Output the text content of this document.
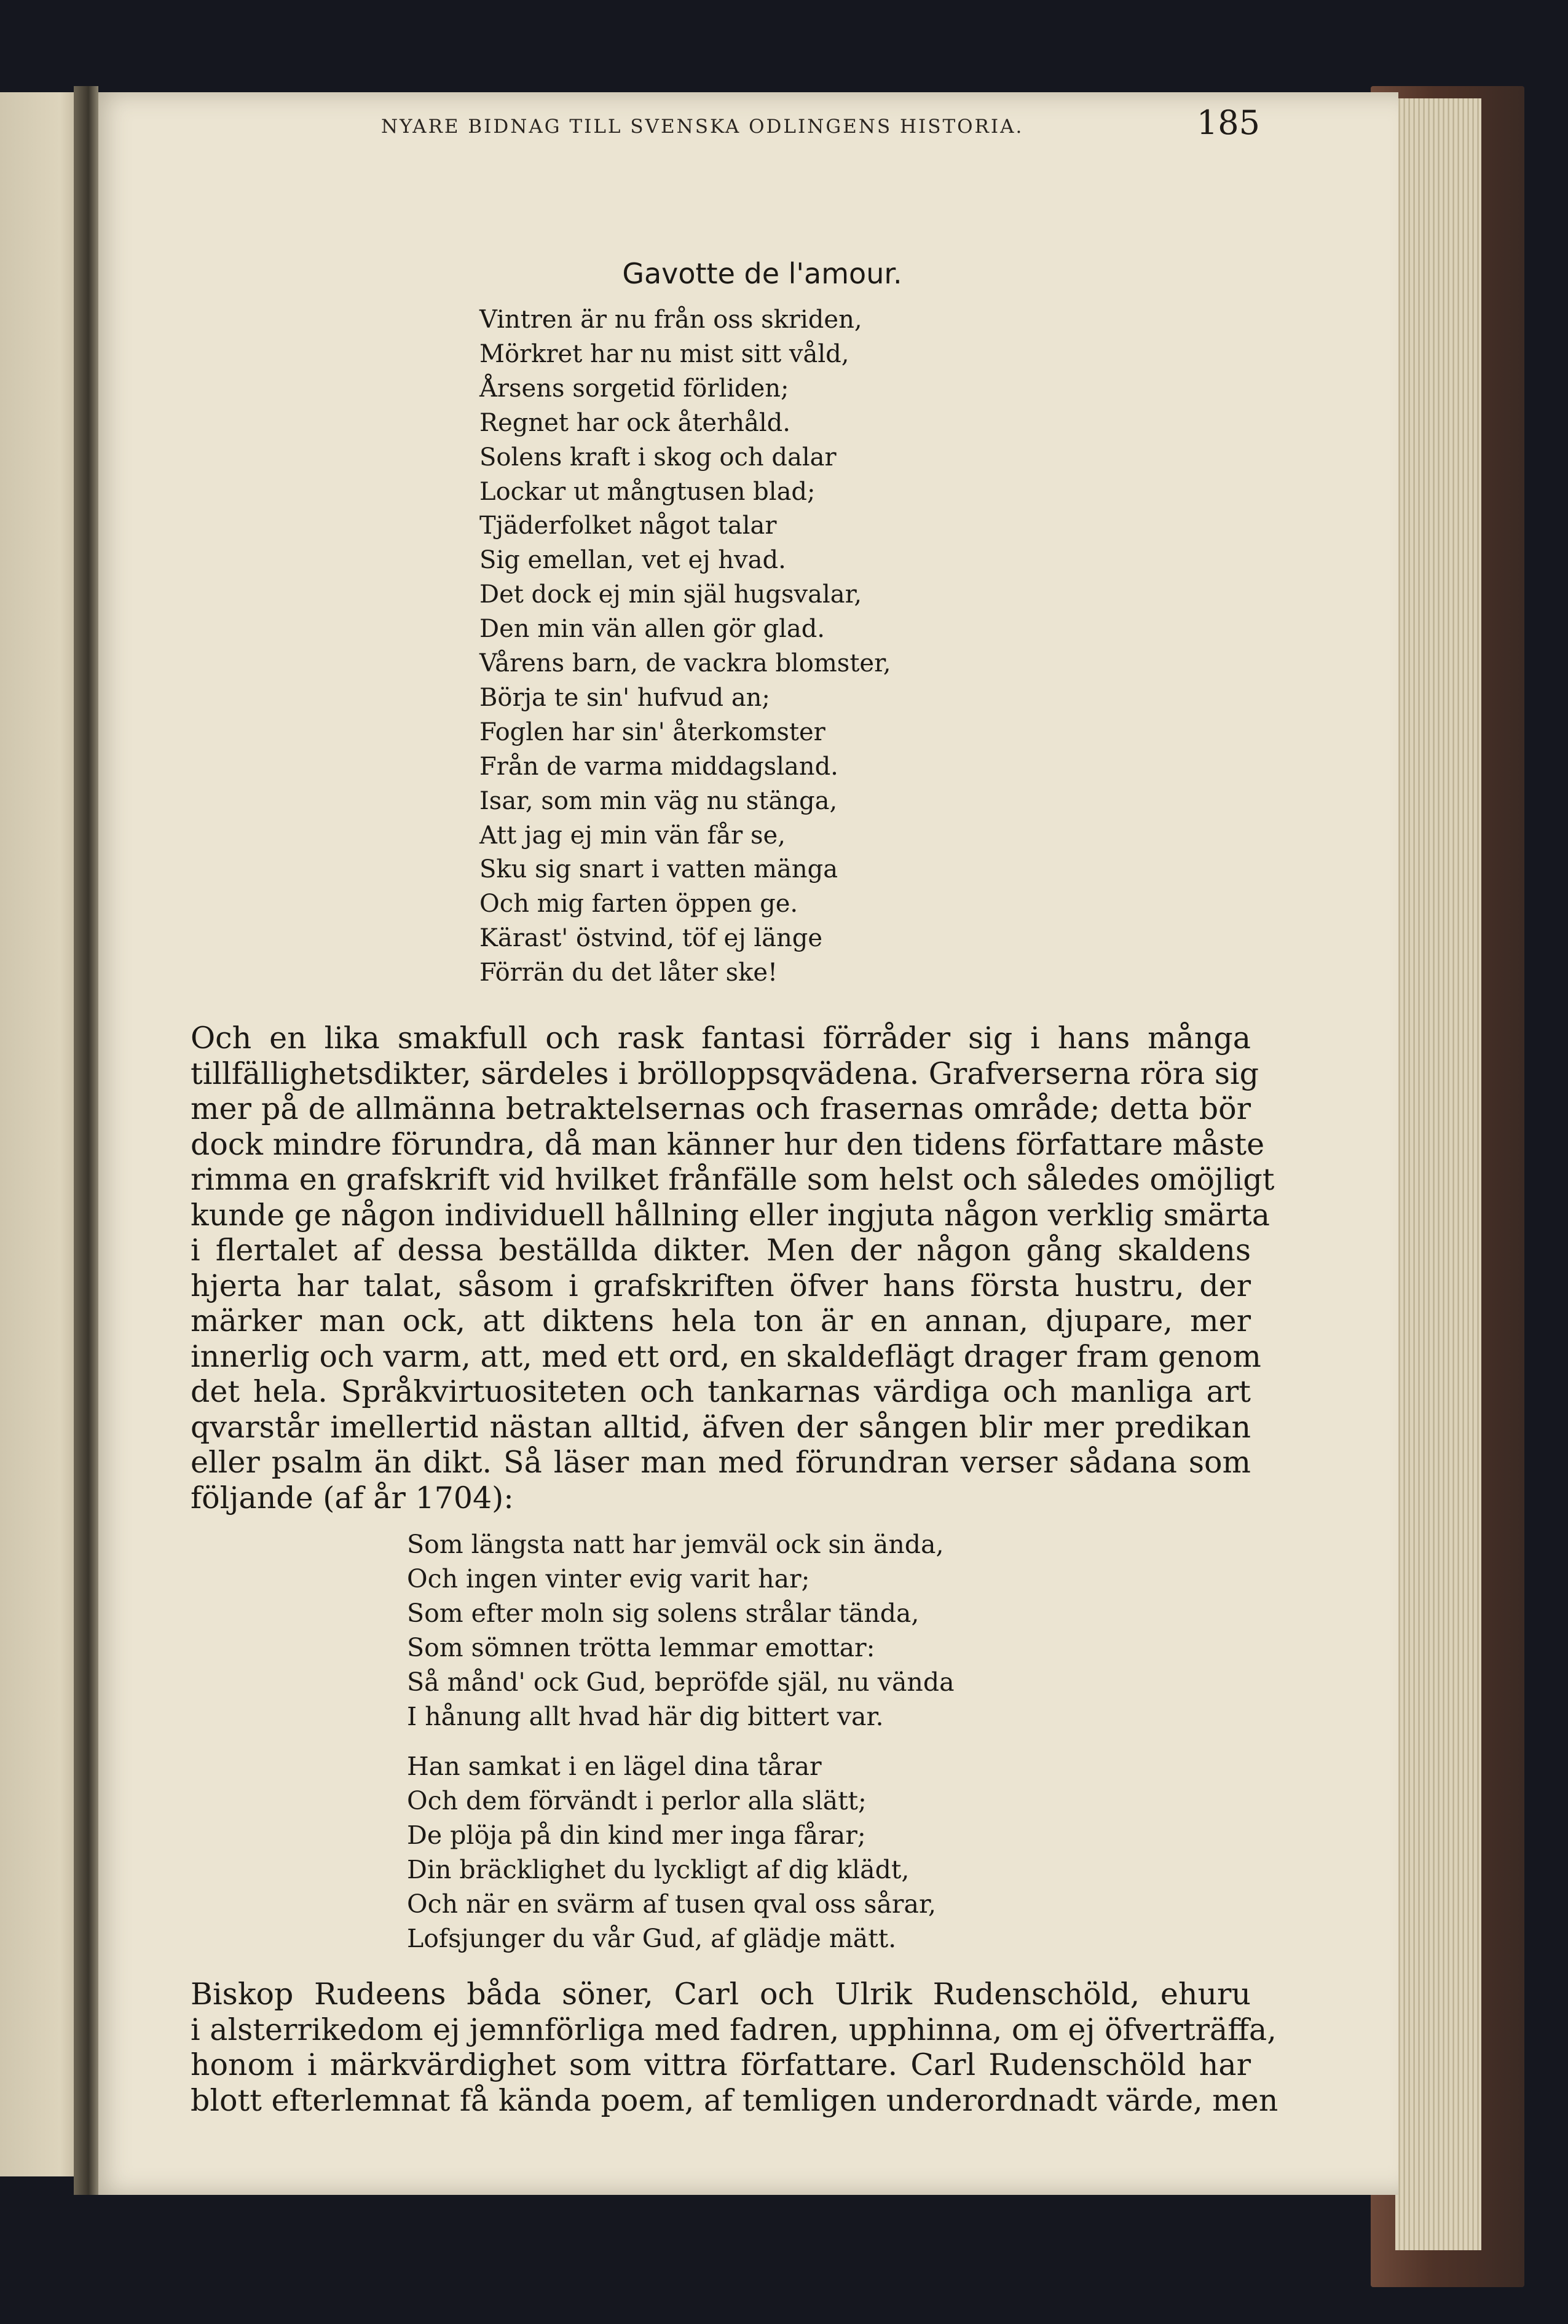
NYARE BIDNAG TILL SVENSKA ODLINGENS HISTORIA.	185
Gavotte de l'amour.
Vintren är nu från oss skriden,
Mörkret har nu mist sitt våld,
Årsens sorgetid förliden;
Regnet har ock återhåld.
Solens kraft i skog och dalar
Lockar ut mångtusen blad;
Tjäderfolket något talar
Sig emellan, vet ej hvad.
Det dock ej min själ hugsvalar,
Den min vän allen gör glad.
Vårens barn, de vackra blomster,
Börja te sin' hufvud an;
Foglen har sin' återkomster
Från de varma middagsland.
Isar, som min väg nu stänga,
Att jag ej min vän får se,
Sku sig snart i vatten mänga
Och mig farten öppen ge.
Kärast' östvind, töf ej länge
Förrän du det låter ske!
Och en lika smakfull och rask fantasi förråder sig i hans många
tillfällighetsdikter, särdeles i brölloppsqvädena. Grafverserna röra sig
mer på de allmänna betraktelsernas och frasernas område; detta bör
dock mindre förundra, då man känner hur den tidens författare måste
rimma en grafskrift vid hvilket frånfälle som helst och således omöjligt
kunde ge någon individuell hållning eller ingjuta någon verklig smärta
i flertalet af dessa beställda dikter. Men der någon gång skaldens
hjerta har talat, såsom i grafskriften öfver hans första hustru, der
märker man ock, att diktens hela ton är en annan, djupare, mer
innerlig och varm, att, med ett ord, en skaldeflägt drager fram genom
det hela. Språkvirtuositeten och tankarnas värdiga och manliga art
qvarstår imellertid nästan alltid, äfven der sången blir mer predikan
eller psalm än dikt. Så läser man med förundran verser sådana som
följande (af år 1704):
Som längsta natt har jemväl ock sin ända,
Och ingen vinter evig varit har;
Som efter moln sig solens strålar tända,
Som sömnen trötta lemmar emottar:
Så månd' ock Gud, bepröfde själ, nu vända
I hånung allt hvad här dig bittert var.
Han samkat i en lägel dina tårar
Och dem förvändt i perlor alla slätt;
De plöja på din kind mer inga fårar;
Din bräcklighet du lyckligt af dig klädt,
Och när en svärm af tusen qval oss sårar,
Lofsjunger du vår Gud, af glädje mätt.
Biskop Rudeens båda söner, Carl och Ulrik Rudenschöld, ehuru
i alsterrikedom ej jemnförliga med fadren, upphinna, om ej öfverträffa,
honom i märkvärdighet som vittra författare. Carl Rudenschöld har
blott efterlemnat få kända poem, af temligen underordnadt värde, men
